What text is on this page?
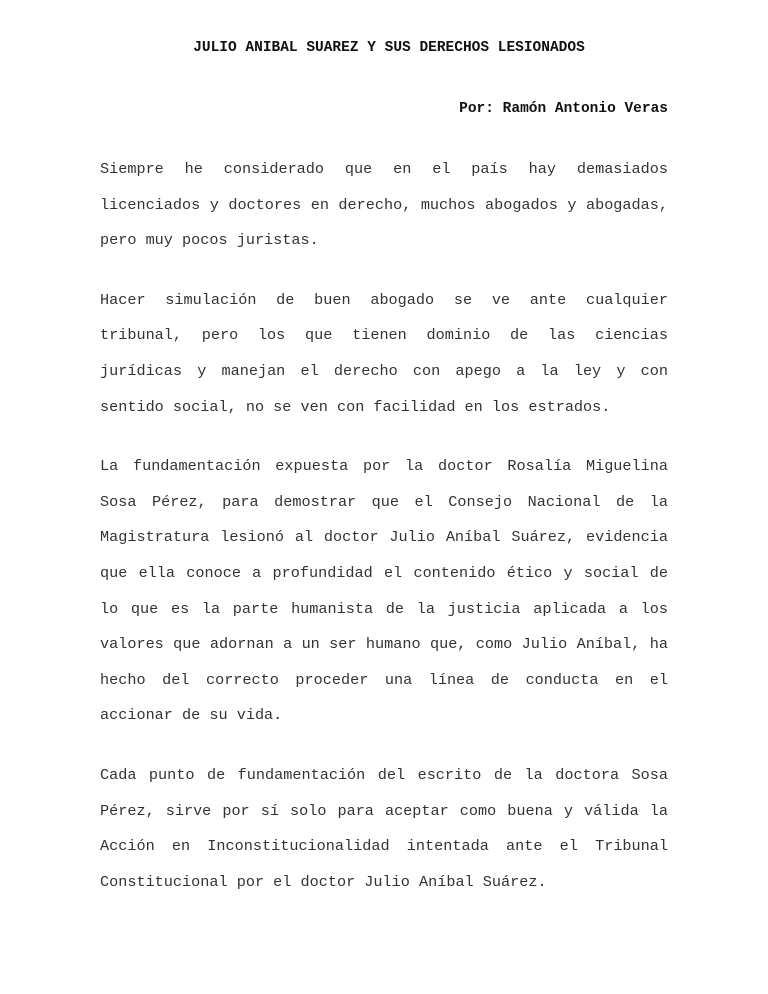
JULIO ANIBAL SUAREZ Y SUS DERECHOS LESIONADOS

Por: Ramón Antonio Veras

Siempre he considerado que en el país hay demasiados licenciados y doctores en derecho, muchos abogados y abogadas, pero muy pocos juristas.

Hacer simulación de buen abogado se ve ante cualquier tribunal, pero los que tienen dominio de las ciencias jurídicas y manejan el derecho con apego a la ley y con sentido social, no se ven con facilidad en los estrados.

La fundamentación expuesta por la doctor Rosalía Miguelina Sosa Pérez, para demostrar que el Consejo Nacional de la Magistratura lesionó al doctor Julio Aníbal Suárez, evidencia que ella conoce a profundidad el contenido ético y social de lo que es la parte humanista de la justicia aplicada a los valores que adornan a un ser humano que, como Julio Aníbal, ha hecho del correcto proceder una línea de conducta en el accionar de su vida.

Cada punto de fundamentación del escrito de la doctora Sosa Pérez, sirve por sí solo para aceptar como buena y válida la Acción en Inconstitucionalidad intentada ante el Tribunal Constitucional por el doctor Julio Aníbal Suárez.
